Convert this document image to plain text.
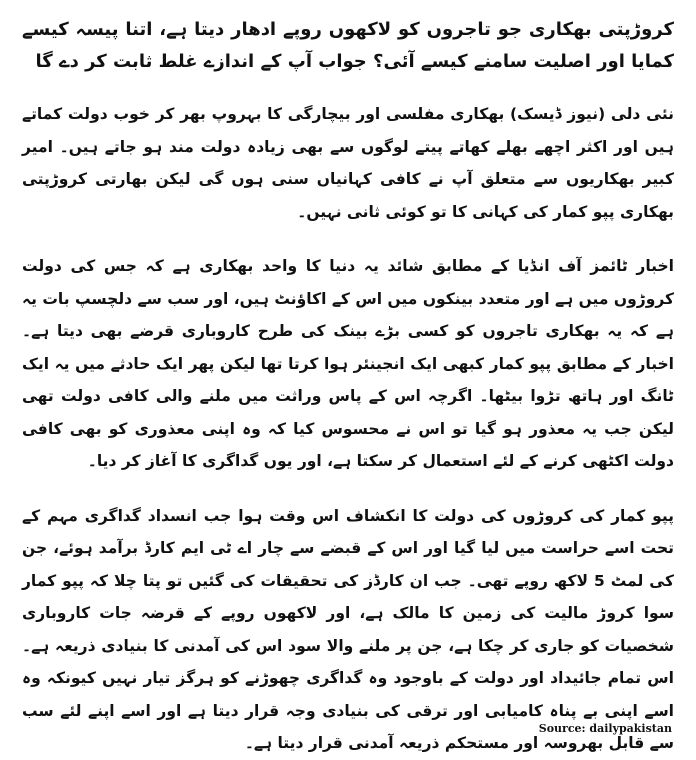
کروڑپتی بھکاری جو تاجروں کو لاکھوں روپے ادھار دیتا ہے، اتنا پیسہ کیسے کمایا اور اصلیت سامنے کیسے آئی؟ جواب آپ کے اندازے غلط ثابت کر دے گا

نئی دلی (نیوز ڈیسک) بھکاری مفلسی اور بیچارگی کا بہروپ بھر کر خوب دولت کماتے ہیں اور اکثر اچھے بھلے کھاتے پیتے لوگوں سے بھی زیادہ دولت مند ہو جاتے ہیں۔ امیر کبیر بھکاریوں سے متعلق آپ نے کافی کہانیاں سنی ہوں گی لیکن بھارتی کروڑپتی بھکاری پپو کمار کی کہانی کا تو کوئی ثانی نہیں۔

اخبار ٹائمز آف انڈیا کے مطابق شائد یہ دنیا کا واحد بھکاری ہے کہ جس کی دولت کروڑوں میں ہے اور متعدد بینکوں میں اس کے اکاﺅنٹ ہیں، اور سب سے دلچسپ بات یہ ہے کہ یہ بھکاری تاجروں کو کسی بڑے بینک کی طرح کاروباری قرضے بھی دیتا ہے۔ اخبار کے مطابق پپو کمار کبھی ایک انجینئر ہوا کرتا تھا لیکن پھر ایک حادثے میں یہ ایک ٹانگ اور ہاتھ تڑوا بیٹھا۔ اگرچہ اس کے پاس وراثت میں ملنے والی کافی دولت تھی لیکن جب یہ معذور ہو گیا تو اس نے محسوس کیا کہ وہ اپنی معذوری کو بھی کافی دولت اکٹھی کرنے کے لئے استعمال کر سکتا ہے، اور یوں گداگری کا آغاز کر دیا۔

پپو کمار کی کروڑوں کی دولت کا انکشاف اس وقت ہوا جب انسداد گداگری مہم کے تحت اسے حراست میں لیا گیا اور اس کے قبضے سے چار اے ٹی ایم کارڈ برآمد ہوئے، جن کی لمٹ 5 لاکھ روپے تھی۔ جب ان کارڈز کی تحقیقات کی گئیں تو پتا چلا کہ پپو کمار سوا کروڑ مالیت کی زمین کا مالک ہے، اور لاکھوں روپے کے قرضہ جات کاروباری شخصیات کو جاری کر چکا ہے، جن پر ملنے والا سود اس کی آمدنی کا بنیادی ذریعہ ہے۔ اس تمام جائیداد اور دولت کے باوجود وہ گداگری چھوڑنے کو ہرگز تیار نہیں کیونکہ وہ اسے اپنی بے پناہ کامیابی اور ترقی کی بنیادی وجہ قرار دیتا ہے اور اسے اپنے لئے سب سے قابل بھروسہ اور مستحکم ذریعہ آمدنی قرار دیتا ہے۔

Source: dailypakistan
